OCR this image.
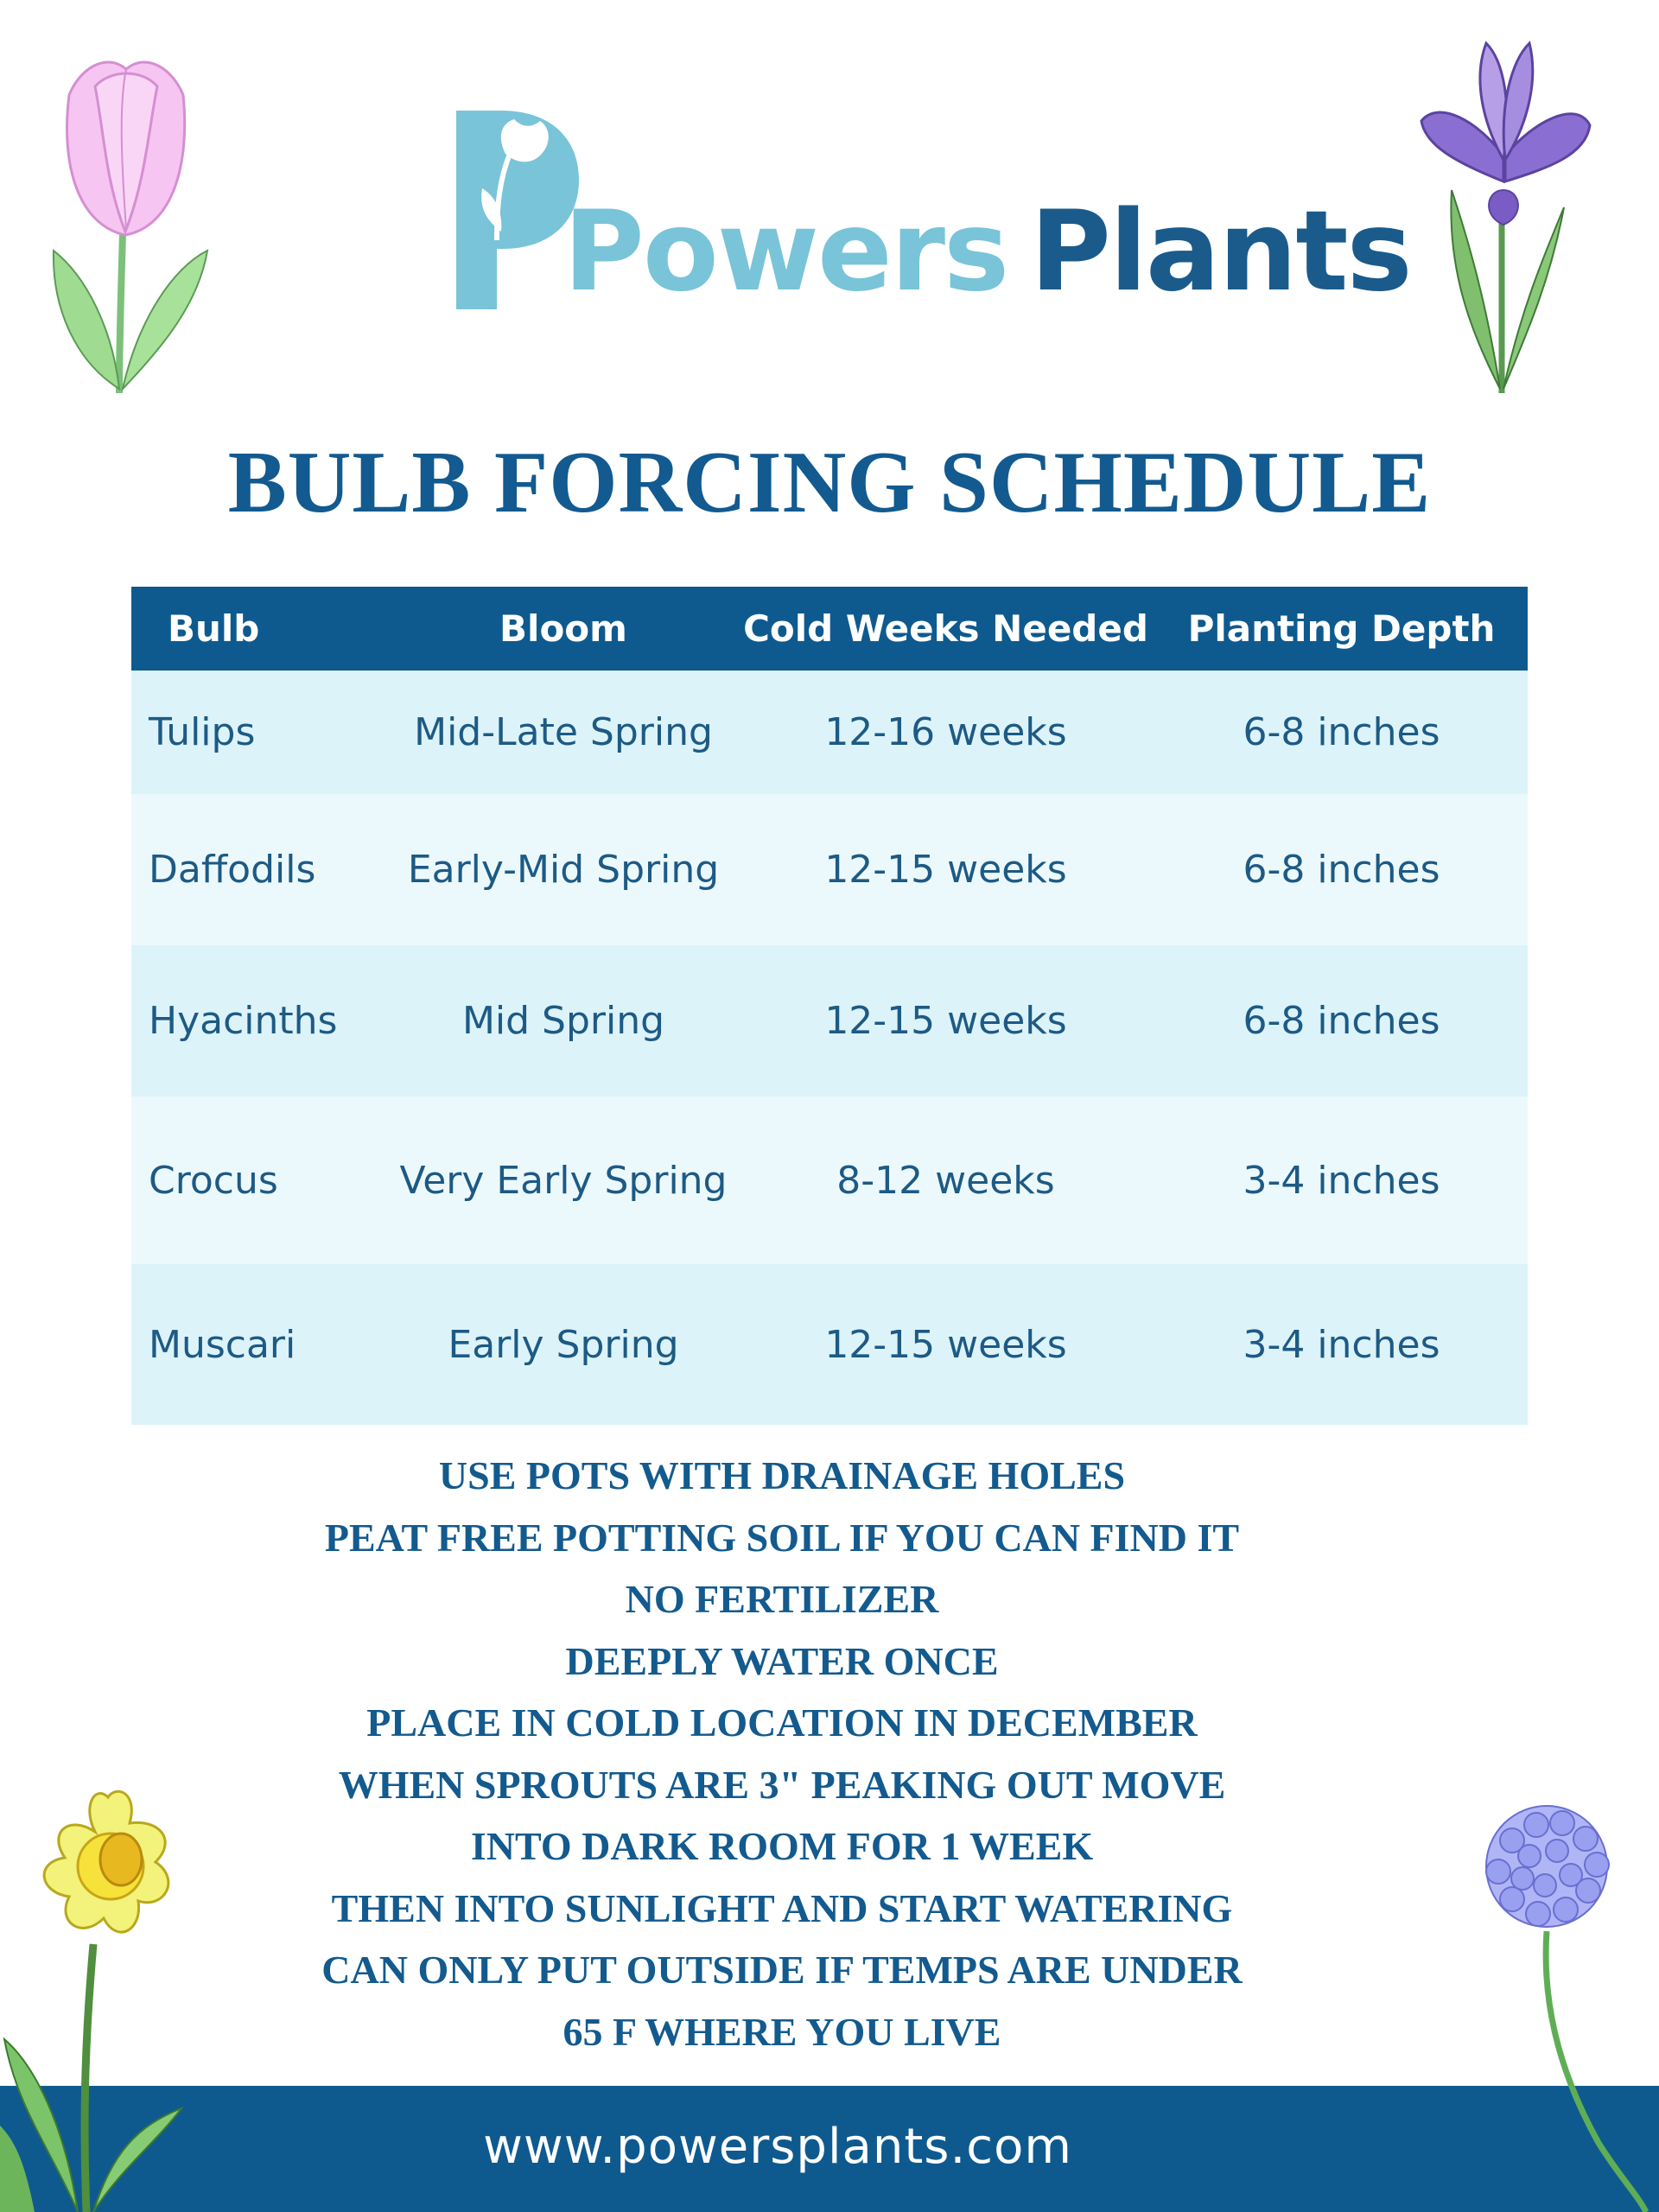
Powers Plants
BULB FORCING SCHEDULE
Bulb	Bloom	Cold Weeks Needed	Planting Depth
Tulips	Mid-Late Spring	12-16 weeks	6-8 inches
Daffodils	Early-Mid Spring	12-15 weeks	6-8 inches
Hyacinths	Mid Spring	12-15 weeks	6-8 inches
Crocus	Very Early Spring	8-12 weeks	3-4 inches
Muscari	Early Spring	12-15 weeks	3-4 inches
USE POTS WITH DRAINAGE HOLES
PEAT FREE POTTING SOIL IF YOU CAN FIND IT
NO FERTILIZER
DEEPLY WATER ONCE
PLACE IN COLD LOCATION IN DECEMBER
WHEN SPROUTS ARE 3" PEAKING OUT MOVE
INTO DARK ROOM FOR 1 WEEK
THEN INTO SUNLIGHT AND START WATERING
CAN ONLY PUT OUTSIDE IF TEMPS ARE UNDER
65 F WHERE YOU LIVE
www.powersplants.com
